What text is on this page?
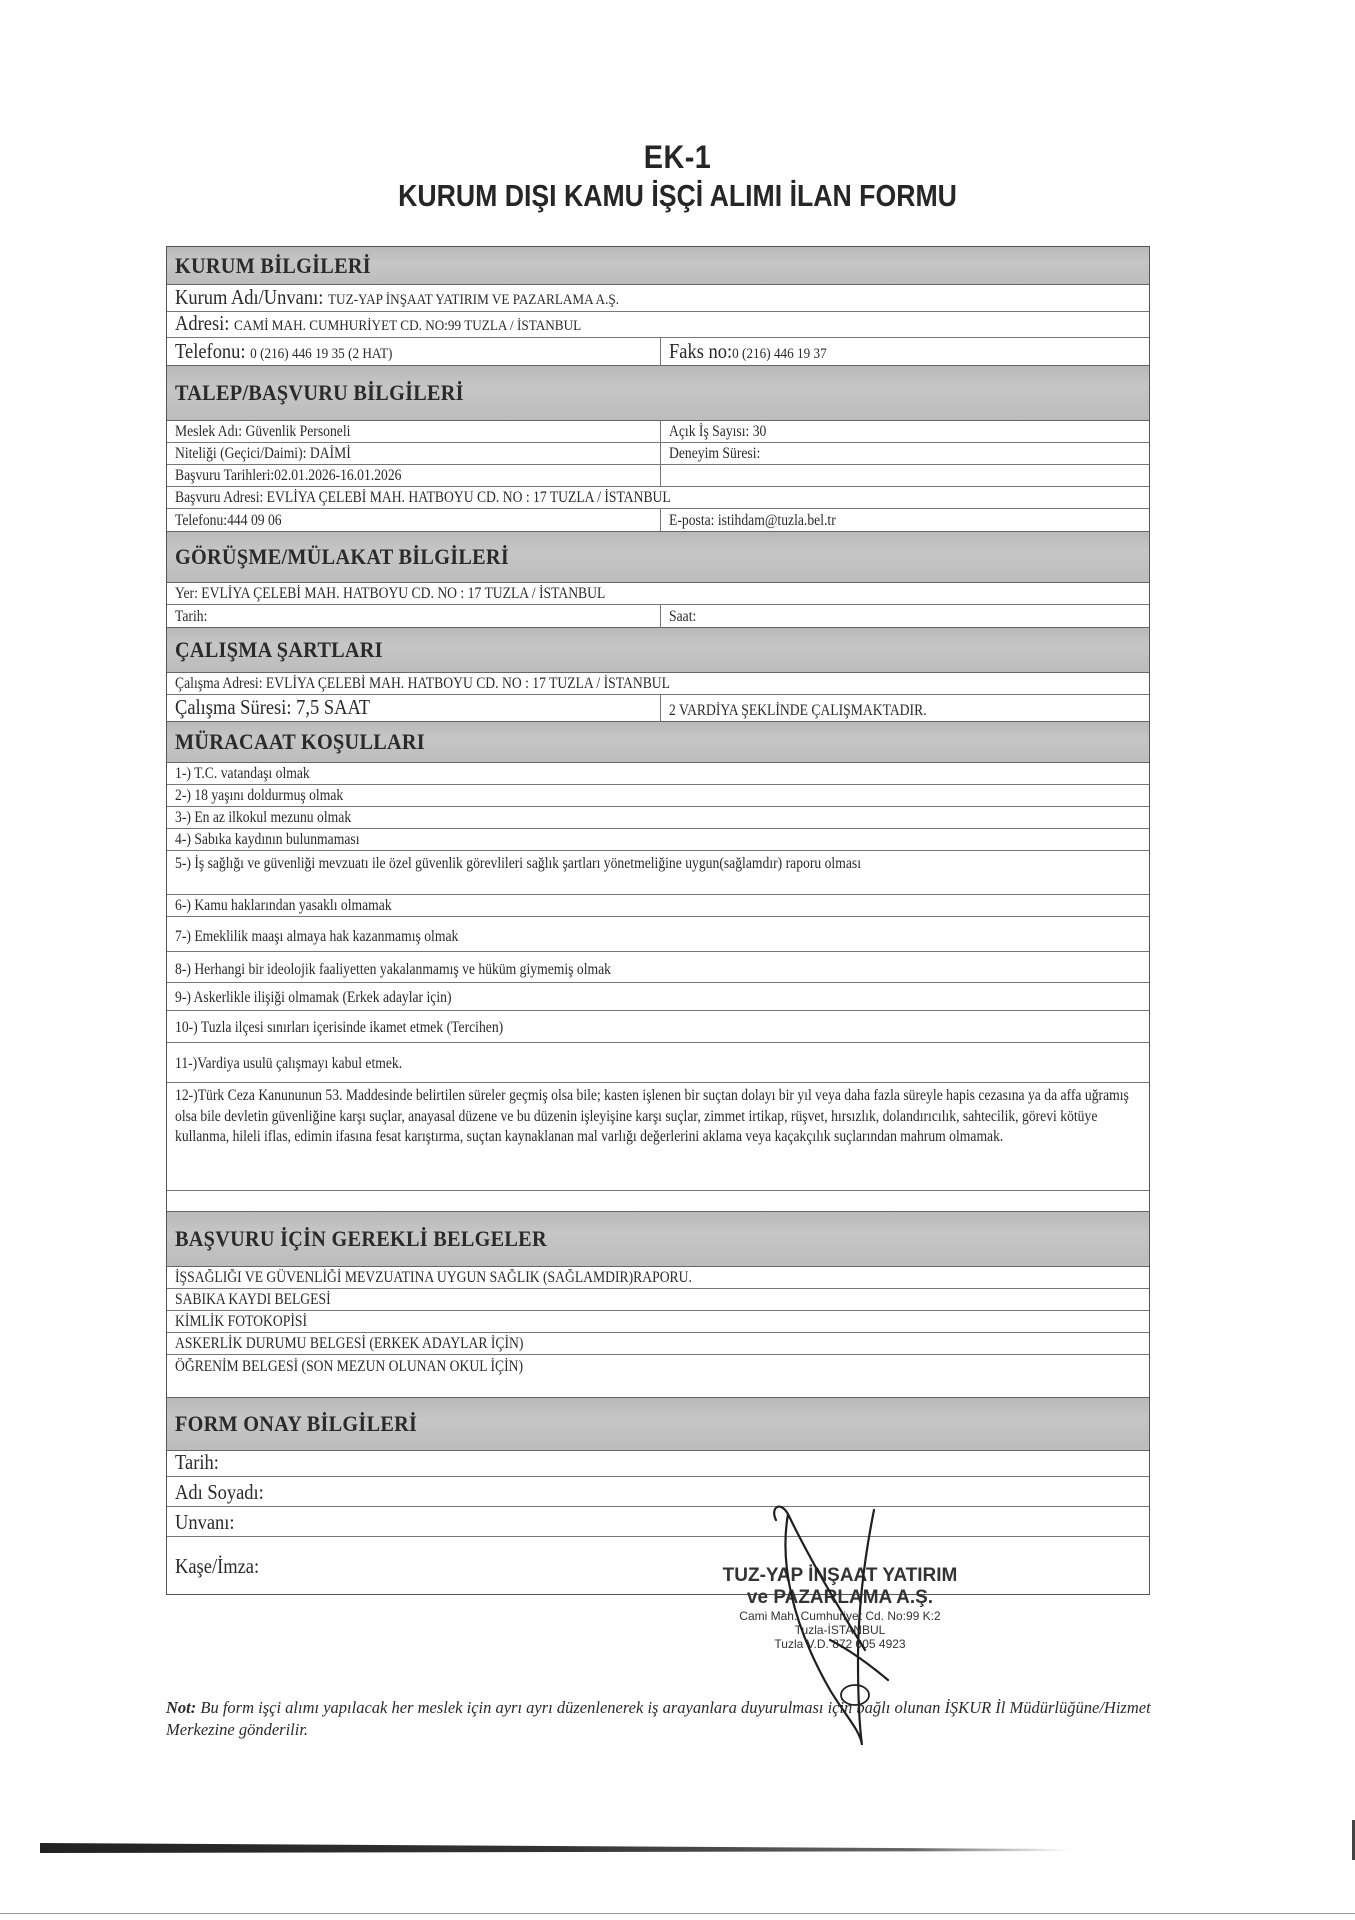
EK-1
KURUM DIŞI KAMU İŞÇİ ALIMI İLAN FORMU
KURUM BİLGİLERİ
Kurum Adı/Unvanı: TUZ-YAP İNŞAAT YATIRIM VE PAZARLAMA A.Ş.
Adresi: CAMİ MAH. CUMHURİYET CD. NO:99 TUZLA / İSTANBUL
Telefonu: 0 (216) 446 19 35 (2 HAT)	Faks no:0 (216) 446 19 37
TALEP/BAŞVURU BİLGİLERİ
Meslek Adı: Güvenlik Personeli	Açık İş Sayısı: 30
Niteliği (Geçici/Daimi): DAİMİ	Deneyim Süresi:
Başvuru Tarihleri:02.01.2026-16.01.2026
Başvuru Adresi: EVLİYA ÇELEBİ MAH. HATBOYU CD. NO : 17 TUZLA / İSTANBUL
Telefonu:444 09 06	E-posta: istihdam@tuzla.bel.tr
GÖRÜŞME/MÜLAKAT BİLGİLERİ
Yer: EVLİYA ÇELEBİ MAH. HATBOYU CD. NO : 17 TUZLA / İSTANBUL
Tarih:	Saat:
ÇALIŞMA ŞARTLARI
Çalışma Adresi: EVLİYA ÇELEBİ MAH. HATBOYU CD. NO : 17 TUZLA / İSTANBUL
Çalışma Süresi: 7,5 SAAT	2 VARDİYA ŞEKLİNDE ÇALIŞMAKTADIR.
MÜRACAAT KOŞULLARI
1-) T.C. vatandaşı olmak
2-) 18 yaşını doldurmuş olmak
3-) En az ilkokul mezunu olmak
4-) Sabıka kaydının bulunmaması
5-) İş sağlığı ve güvenliği mevzuatı ile özel güvenlik görevlileri sağlık şartları yönetmeliğine uygun(sağlamdır) raporu olması
6-) Kamu haklarından yasaklı olmamak
7-) Emeklilik maaşı almaya hak kazanmamış olmak
8-) Herhangi bir ideolojik faaliyetten yakalanmamış ve hüküm giymemiş olmak
9-) Askerlikle ilişiği olmamak (Erkek adaylar için)
10-) Tuzla ilçesi sınırları içerisinde ikamet etmek (Tercihen)
11-)Vardiya usulü çalışmayı kabul etmek.
12-)Türk Ceza Kanununun 53. Maddesinde belirtilen süreler geçmiş olsa bile; kasten işlenen bir suçtan dolayı bir yıl veya daha fazla süreyle hapis cezasına ya da affa uğramış olsa bile devletin güvenliğine karşı suçlar, anayasal düzene ve bu düzenin işleyişine karşı suçlar, zimmet irtikap, rüşvet, hırsızlık, dolandırıcılık, sahtecilik, görevi kötüye kullanma, hileli iflas, edimin ifasına fesat karıştırma, suçtan kaynaklanan mal varlığı değerlerini aklama veya kaçakçılık suçlarından mahrum olmamak.
BAŞVURU İÇİN GEREKLİ BELGELER
İŞSAĞLIĞI VE GÜVENLİĞİ MEVZUATINA UYGUN SAĞLIK (SAĞLAMDIR)RAPORU.
SABIKA KAYDI BELGESİ
KİMLİK FOTOKOPİSİ
ASKERLİK DURUMU BELGESİ (ERKEK ADAYLAR İÇİN)
ÖĞRENİM BELGESİ (SON MEZUN OLUNAN OKUL İÇİN)
FORM ONAY BİLGİLERİ
Tarih:
Adı Soyadı:
Unvanı:
Kaşe/İmza:	TUZ-YAP İNŞAAT YATIRIM
ve PAZARLAMA A.Ş.
Cami Mah. Cumhuriyet Cd. No:99 K:2
Tuzla-İSTANBUL
Tuzla V.D. 872 005 4923
Not: Bu form işçi alımı yapılacak her meslek için ayrı ayrı düzenlenerek iş arayanlara duyurulması için bağlı olunan İŞKUR İl Müdürlüğüne/Hizmet Merkezine gönderilir.
